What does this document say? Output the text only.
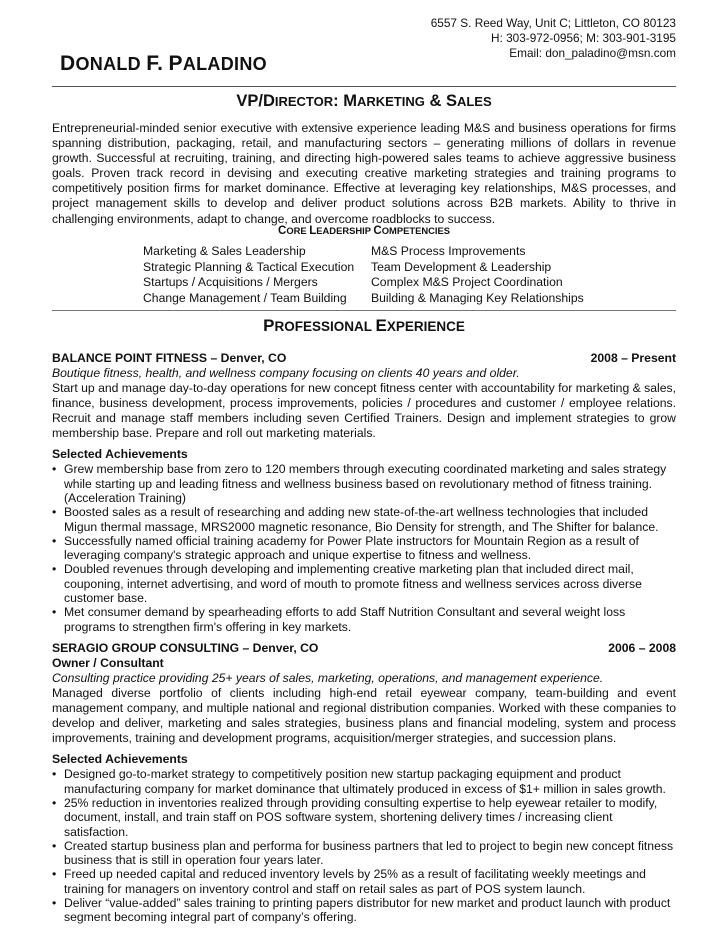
DONALD F. PALADINO
6557 S. Reed Way, Unit C; Littleton, CO 80123
H: 303-972-0956; M: 303-901-3195
Email: don_paladino@msn.com
VP/DIRECTOR: MARKETING & SALES
Entrepreneurial-minded senior executive with extensive experience leading M&S and business operations for firms spanning distribution, packaging, retail, and manufacturing sectors – generating millions of dollars in revenue growth. Successful at recruiting, training, and directing high-powered sales teams to achieve aggressive business goals. Proven track record in devising and executing creative marketing strategies and training programs to competitively position firms for market dominance. Effective at leveraging key relationships, M&S processes, and project management skills to develop and deliver product solutions across B2B markets. Ability to thrive in challenging environments, adapt to change, and overcome roadblocks to success.
CORE LEADERSHIP COMPETENCIES
Marketing & Sales Leadership	M&S Process Improvements
Strategic Planning & Tactical Execution	Team Development & Leadership
Startups / Acquisitions / Mergers	Complex M&S Project Coordination
Change Management / Team Building	Building & Managing Key Relationships
PROFESSIONAL EXPERIENCE
BALANCE POINT FITNESS – Denver, CO	2008 – Present
Boutique fitness, health, and wellness company focusing on clients 40 years and older.
Start up and manage day-to-day operations for new concept fitness center with accountability for marketing & sales, finance, business development, process improvements, policies / procedures and customer / employee relations. Recruit and manage staff members including seven Certified Trainers. Design and implement strategies to grow membership base. Prepare and roll out marketing materials.
Selected Achievements
• Grew membership base from zero to 120 members through executing coordinated marketing and sales strategy while starting up and leading fitness and wellness business based on revolutionary method of fitness training. (Acceleration Training)
• Boosted sales as a result of researching and adding new state-of-the-art wellness technologies that included Migun thermal massage, MRS2000 magnetic resonance, Bio Density for strength, and The Shifter for balance.
• Successfully named official training academy for Power Plate instructors for Mountain Region as a result of leveraging company's strategic approach and unique expertise to fitness and wellness.
• Doubled revenues through developing and implementing creative marketing plan that included direct mail, couponing, internet advertising, and word of mouth to promote fitness and wellness services across diverse customer base.
• Met consumer demand by spearheading efforts to add Staff Nutrition Consultant and several weight loss programs to strengthen firm's offering in key markets.
SERAGIO GROUP CONSULTING – Denver, CO	2006 – 2008
Owner / Consultant
Consulting practice providing 25+ years of sales, marketing, operations, and management experience.
Managed diverse portfolio of clients including high-end retail eyewear company, team-building and event management company, and multiple national and regional distribution companies. Worked with these companies to develop and deliver, marketing and sales strategies, business plans and financial modeling, system and process improvements, training and development programs, acquisition/merger strategies, and succession plans.
Selected Achievements
• Designed go-to-market strategy to competitively position new startup packaging equipment and product manufacturing company for market dominance that ultimately produced in excess of $1+ million in sales growth.
• 25% reduction in inventories realized through providing consulting expertise to help eyewear retailer to modify, document, install, and train staff on POS software system, shortening delivery times / increasing client satisfaction.
• Created startup business plan and performa for business partners that led to project to begin new concept fitness business that is still in operation four years later.
• Freed up needed capital and reduced inventory levels by 25% as a result of facilitating weekly meetings and training for managers on inventory control and staff on retail sales as part of POS system launch.
• Deliver “value-added” sales training to printing papers distributor for new market and product launch with product segment becoming integral part of company’s offering.
